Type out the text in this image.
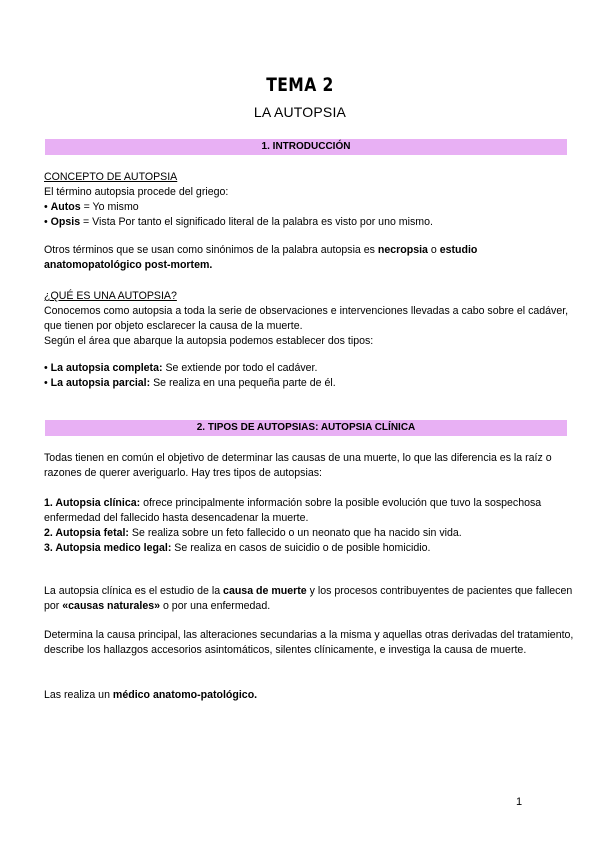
TEMA 2
LA AUTOPSIA
1. INTRODUCCIÓN

CONCEPTO DE AUTOPSIA

El término autopsia procede del griego:

• Autos = Yo mismo

• Opsis = Vista Por tanto el significado literal de la palabra es visto por uno mismo.

Otros términos que se usan como sinónimos de la palabra autopsia es necropsia o estudio anatomopatológico post-mortem.

¿QUÉ ES UNA AUTOPSIA?

Conocemos como autopsia a toda la serie de observaciones e intervenciones llevadas a cabo sobre el cadáver, que tienen por objeto esclarecer la causa de la muerte.

Según el área que abarque la autopsia podemos establecer dos tipos:

• La autopsia completa: Se extiende por todo el cadáver.

• La autopsia parcial: Se realiza en una pequeña parte de él.

2. TIPOS DE AUTOPSIAS: AUTOPSIA CLÍNICA

Todas tienen en común el objetivo de determinar las causas de una muerte, lo que las diferencia es la raíz o razones de querer averiguarlo. Hay tres tipos de autopsias:

1. Autopsia clínica: ofrece principalmente información sobre la posible evolución que tuvo la sospechosa enfermedad del fallecido hasta desencadenar la muerte.

2. Autopsia fetal: Se realiza sobre un feto fallecido o un neonato que ha nacido sin vida.

3. Autopsia medico legal: Se realiza en casos de suicidio o de posible homicidio.

La autopsia clínica es el estudio de la causa de muerte y los procesos contribuyentes de pacientes que fallecen por «causas naturales» o por una enfermedad.

Determina la causa principal, las alteraciones secundarias a la misma y aquellas otras derivadas del tratamiento, describe los hallazgos accesorios asintomáticos, silentes clínicamente, e investiga la causa de muerte.

Las realiza un médico anatomo-patológico.

1
